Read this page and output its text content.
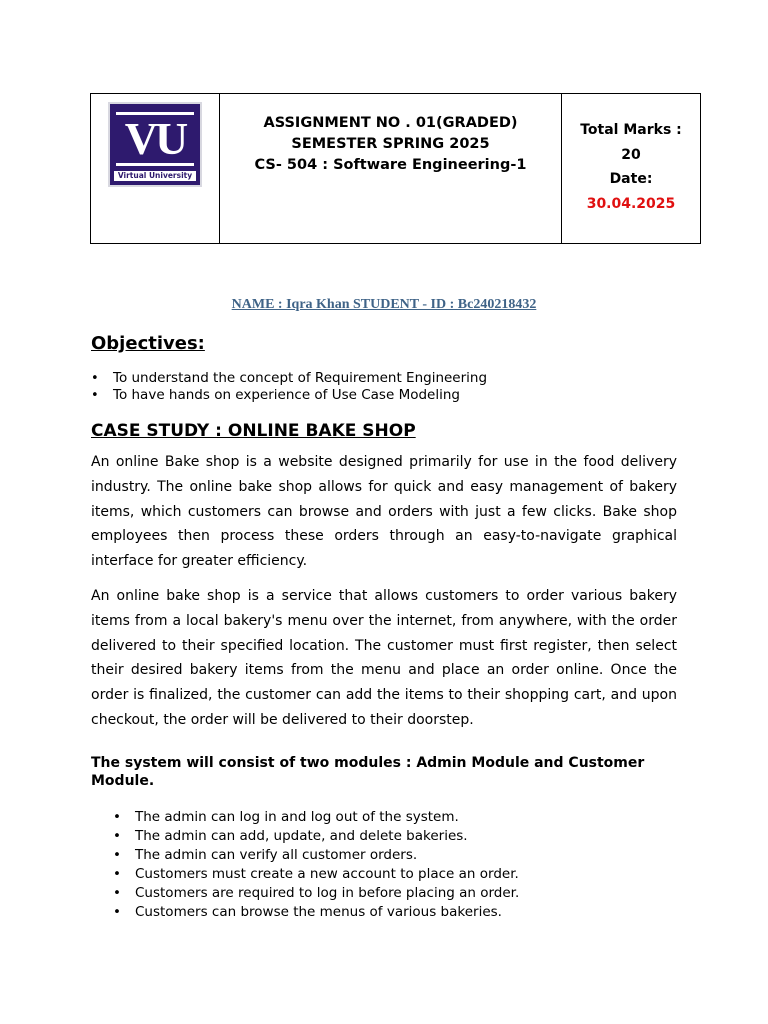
VU
Virtual University
ASSIGNMENT NO . 01(GRADED)
SEMESTER SPRING 2025
CS- 504 : Software Engineering-1
Total Marks :
20
Date:
30.04.2025
NAME : Iqra Khan STUDENT - ID : Bc240218432
Objectives:
• To understand the concept of Requirement Engineering
• To have hands on experience of Use Case Modeling
CASE STUDY : ONLINE BAKE SHOP

An online Bake shop is a website designed primarily for use in the food delivery industry. The online bake shop allows for quick and easy management of bakery items, which customers can browse and orders with just a few clicks. Bake shop employees then process these orders through an easy-to-navigate graphical interface for greater efficiency.

An online bake shop is a service that allows customers to order various bakery items from a local bakery's menu over the internet, from anywhere, with the order delivered to their specified location. The customer must first register, then select their desired bakery items from the menu and place an order online. Once the order is finalized, the customer can add the items to their shopping cart, and upon checkout, the order will be delivered to their doorstep.

The system will consist of two modules : Admin Module and Customer Module.
• The admin can log in and log out of the system.
• The admin can add, update, and delete bakeries.
• The admin can verify all customer orders.
• Customers must create a new account to place an order.
• Customers are required to log in before placing an order.
• Customers can browse the menus of various bakeries.
